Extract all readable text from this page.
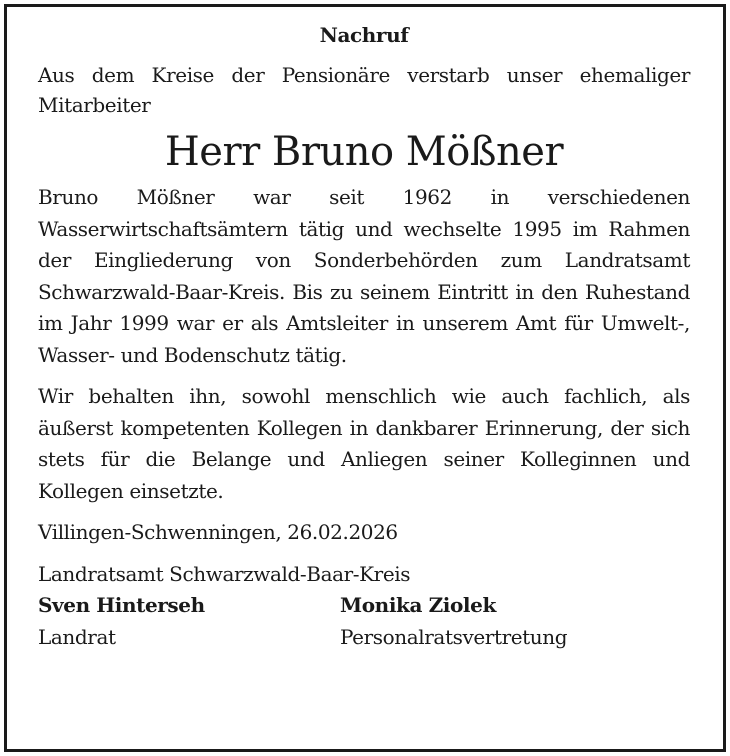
Nachruf

Aus dem Kreise der Pensionäre verstarb unser ehemaliger Mitarbeiter

Herr Bruno Mößner

Bruno Mößner war seit 1962 in verschiedenen Wasserwirtschaftsämtern tätig und wechselte 1995 im Rahmen der Eingliederung von Sonderbehörden zum Landratsamt Schwarzwald-Baar-Kreis. Bis zu seinem Eintritt in den Ruhestand im Jahr 1999 war er als Amtsleiter in unserem Amt für Umwelt-, Wasser- und Bodenschutz tätig.

Wir behalten ihn, sowohl menschlich wie auch fachlich, als äußerst kompetenten Kollegen in dankbarer Erinnerung, der sich stets für die Belange und Anliegen seiner Kolleginnen und Kollegen einsetzte.

Villingen-Schwenningen, 26.02.2026
Landratsamt Schwarzwald-Baar-Kreis
Sven Hinterseh
Landrat
Monika Ziolek
Personalratsvertretung
